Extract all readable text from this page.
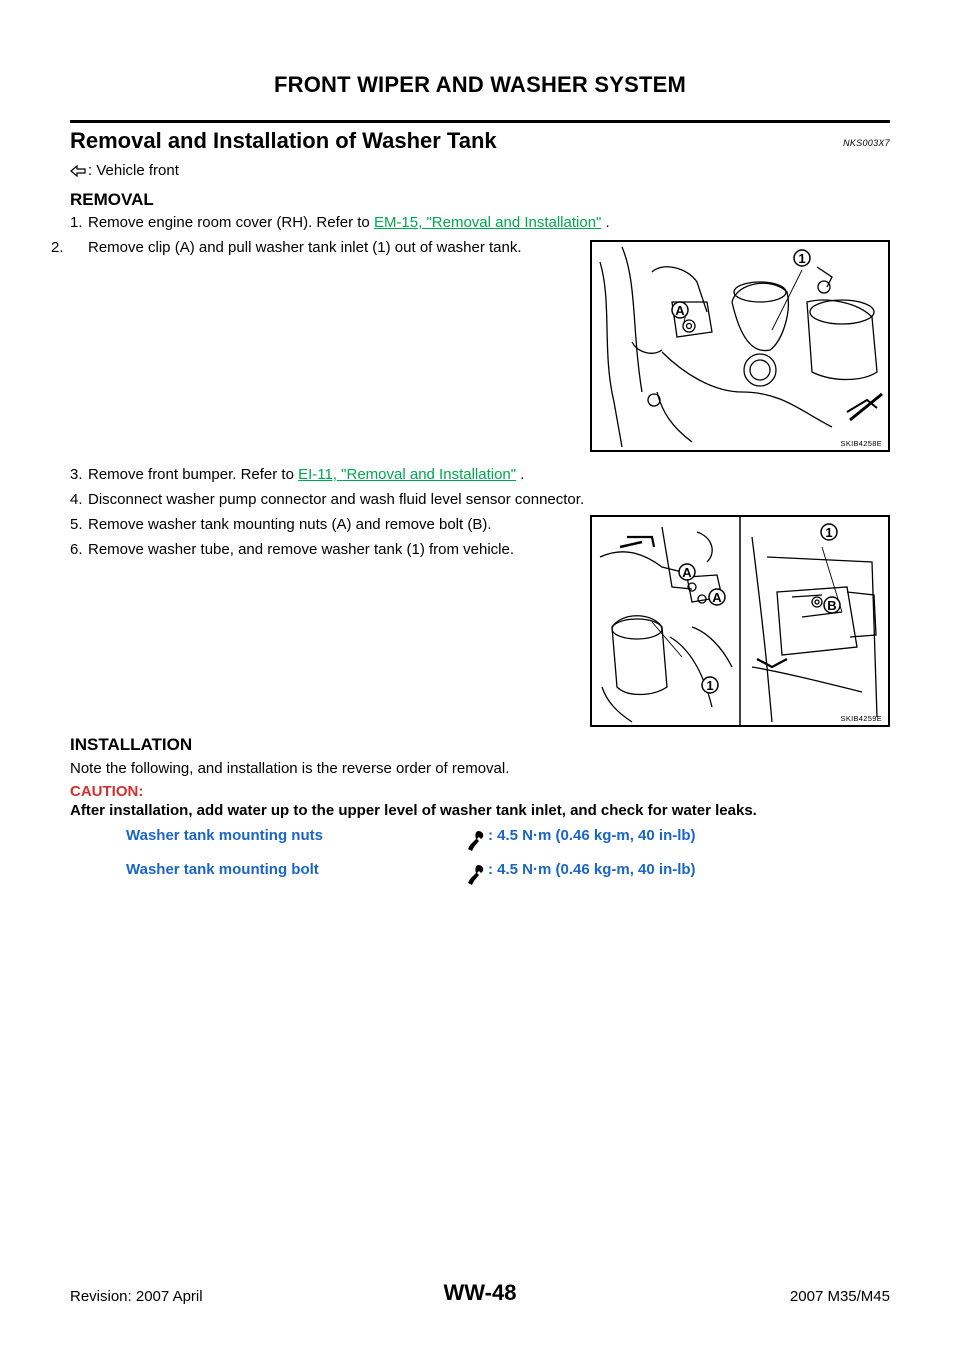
FRONT WIPER AND WASHER SYSTEM
Removal and Installation of Washer Tank	NKS003X7
: Vehicle front
REMOVAL
1. Remove engine room cover (RH). Refer to EM-15, "Removal and Installation" .
2. Remove clip (A) and pull washer tank inlet (1) out of washer tank.
1
A
SKIB4258E
3. Remove front bumper. Refer to EI-11, "Removal and Installation" .
4. Disconnect washer pump connector and wash fluid level sensor connector.
5. Remove washer tank mounting nuts (A) and remove bolt (B).
6. Remove washer tube, and remove washer tank (1) from vehicle.
1
A
A
1
B
SKIB4259E
INSTALLATION
Note the following, and installation is the reverse order of removal.
CAUTION:
After installation, add water up to the upper level of washer tank inlet, and check for water leaks.
Washer tank mounting nuts	: 4.5 N·m (0.46 kg-m, 40 in-lb)
Washer tank mounting bolt	: 4.5 N·m (0.46 kg-m, 40 in-lb)
Revision: 2007 April	WW-48	2007 M35/M45
